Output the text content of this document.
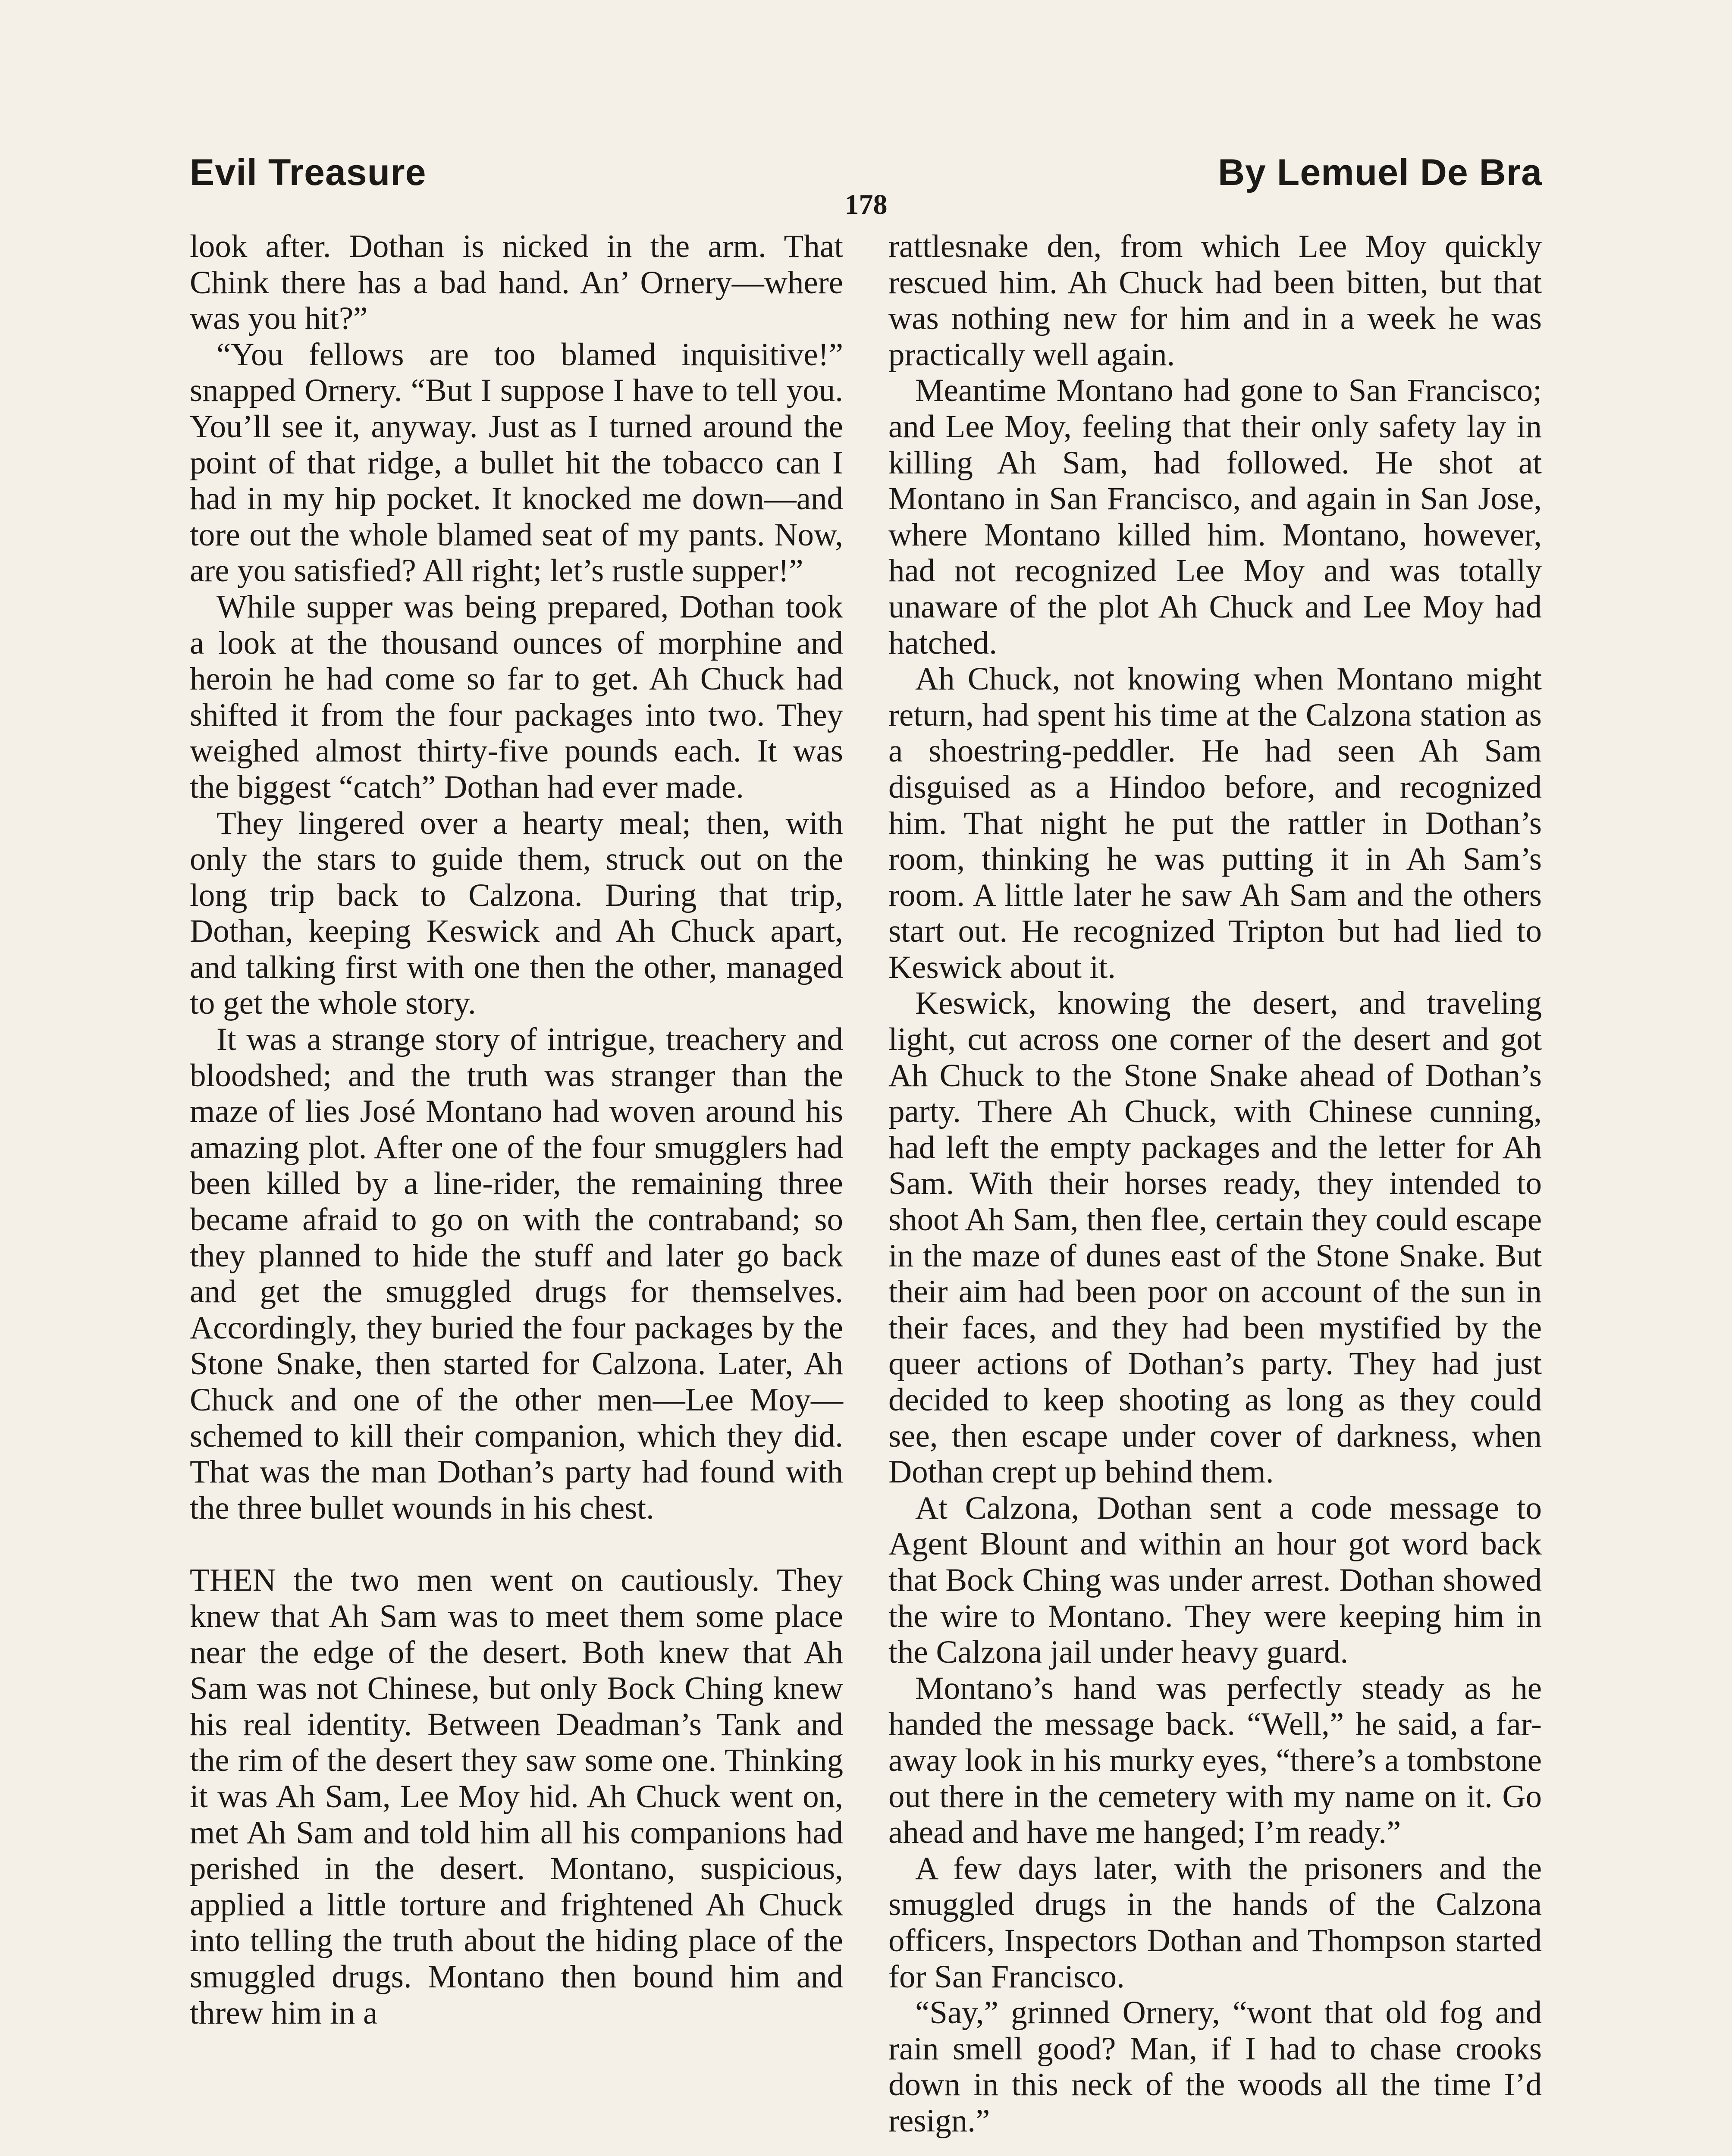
Evil Treasure	By Lemuel De Bra
178

look after. Dothan is nicked in the arm. That Chink there has a bad hand. An’ Ornery—where was you hit?”

“You fellows are too blamed inquisitive!” snapped Ornery. “But I suppose I have to tell you. You’ll see it, anyway. Just as I turned around the point of that ridge, a bullet hit the tobacco can I had in my hip pocket. It knocked me down—and tore out the whole blamed seat of my pants. Now, are you satisfied? All right; let’s rustle supper!”

While supper was being prepared, Dothan took a look at the thousand ounces of morphine and heroin he had come so far to get. Ah Chuck had shifted it from the four packages into two. They weighed almost thirty-five pounds each. It was the biggest “catch” Dothan had ever made.

They lingered over a hearty meal; then, with only the stars to guide them, struck out on the long trip back to Calzona. During that trip, Dothan, keeping Keswick and Ah Chuck apart, and talking first with one then the other, managed to get the whole story.

It was a strange story of intrigue, treachery and bloodshed; and the truth was stranger than the maze of lies José Montano had woven around his amazing plot. After one of the four smugglers had been killed by a line-rider, the remaining three became afraid to go on with the contraband; so they planned to hide the stuff and later go back and get the smuggled drugs for themselves. Accordingly, they buried the four packages by the Stone Snake, then started for Calzona. Later, Ah Chuck and one of the other men—Lee Moy—schemed to kill their companion, which they did. That was the man Dothan’s party had found with the three bullet wounds in his chest.

THEN the two men went on cautiously. They knew that Ah Sam was to meet them some place near the edge of the desert. Both knew that Ah Sam was not Chinese, but only Bock Ching knew his real identity. Between Deadman’s Tank and the rim of the desert they saw some one. Thinking it was Ah Sam, Lee Moy hid. Ah Chuck went on, met Ah Sam and told him all his companions had perished in the desert. Montano, suspicious, applied a little torture and frightened Ah Chuck into telling the truth about the hiding place of the smuggled drugs. Montano then bound him and threw him in a

rattlesnake den, from which Lee Moy quickly rescued him. Ah Chuck had been bitten, but that was nothing new for him and in a week he was practically well again.

Meantime Montano had gone to San Francisco; and Lee Moy, feeling that their only safety lay in killing Ah Sam, had followed. He shot at Montano in San Francisco, and again in San Jose, where Montano killed him. Montano, however, had not recognized Lee Moy and was totally unaware of the plot Ah Chuck and Lee Moy had hatched.

Ah Chuck, not knowing when Montano might return, had spent his time at the Calzona station as a shoestring-peddler. He had seen Ah Sam disguised as a Hindoo before, and recognized him. That night he put the rattler in Dothan’s room, thinking he was putting it in Ah Sam’s room. A little later he saw Ah Sam and the others start out. He recognized Tripton but had lied to Keswick about it.

Keswick, knowing the desert, and traveling light, cut across one corner of the desert and got Ah Chuck to the Stone Snake ahead of Dothan’s party. There Ah Chuck, with Chinese cunning, had left the empty packages and the letter for Ah Sam. With their horses ready, they intended to shoot Ah Sam, then flee, certain they could escape in the maze of dunes east of the Stone Snake. But their aim had been poor on account of the sun in their faces, and they had been mystified by the queer actions of Dothan’s party. They had just decided to keep shooting as long as they could see, then escape under cover of darkness, when Dothan crept up behind them.

At Calzona, Dothan sent a code message to Agent Blount and within an hour got word back that Bock Ching was under arrest. Dothan showed the wire to Montano. They were keeping him in the Calzona jail under heavy guard.

Montano’s hand was perfectly steady as he handed the message back. “Well,” he said, a far-away look in his murky eyes, “there’s a tombstone out there in the cemetery with my name on it. Go ahead and have me hanged; I’m ready.”

A few days later, with the prisoners and the smuggled drugs in the hands of the Calzona officers, Inspectors Dothan and Thompson started for San Francisco.

“Say,” grinned Ornery, “wont that old fog and rain smell good? Man, if I had to chase crooks down in this neck of the woods all the time I’d resign.”
